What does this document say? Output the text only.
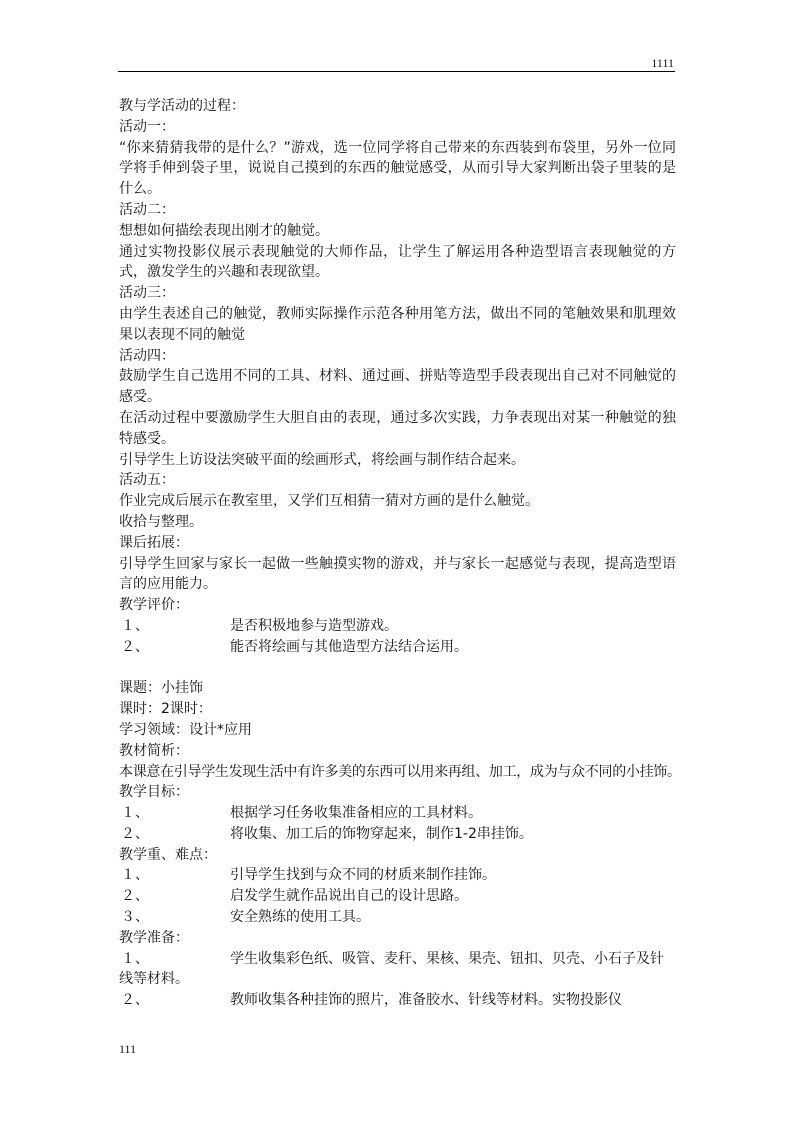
1111

教与学活动的过程：

活动一：

“你来猜猜我带的是什么？”游戏，选一位同学将自己带来的东西装到布袋里，另外一位同学将手伸到袋子里，说说自己摸到的东西的触觉感受，从而引导大家判断出袋子里装的是什么。

活动二：

想想如何描绘表现出刚才的触觉。

通过实物投影仪展示表现触觉的大师作品，让学生了解运用各种造型语言表现触觉的方式，激发学生的兴趣和表现欲望。

活动三：

由学生表述自己的触觉，教师实际操作示范各种用笔方法，做出不同的笔触效果和肌理效果以表现不同的触觉

活动四：

鼓励学生自己选用不同的工具、材料、通过画、拼贴等造型手段表现出自己对不同触觉的感受。

在活动过程中要激励学生大胆自由的表现，通过多次实践，力争表现出对某一种触觉的独特感受。

引导学生上访设法突破平面的绘画形式，将绘画与制作结合起来。

活动五：

作业完成后展示在教室里，又学们互相猜一猜对方画的是什么触觉。

收拾与整理。

课后拓展：

引导学生回家与家长一起做一些触摸实物的游戏，并与家长一起感觉与表现，提高造型语言的应用能力。

教学评价：

１、	是否积极地参与造型游戏。
２、	能否将绘画与其他造型方法结合运用。

课题：小挂饰

课时：2课时：

学习领域：设计*应用

教材简析：

本课意在引导学生发现生活中有许多美的东西可以用来再组、加工，成为与众不同的小挂饰。

教学目标：

１、	根据学习任务收集准备相应的工具材料。
２、	将收集、加工后的饰物穿起来，制作1-2串挂饰。

教学重、难点：

１、	引导学生找到与众不同的材质来制作挂饰。
２、	启发学生就作品说出自己的设计思路。
３、	安全熟练的使用工具。

教学准备：

１、	学生收集彩色纸、吸管、麦秆、果核、果壳、钮扣、贝壳、小石子及针线等材料。
２、	教师收集各种挂饰的照片，准备胶水、针线等材料。实物投影仪
111
